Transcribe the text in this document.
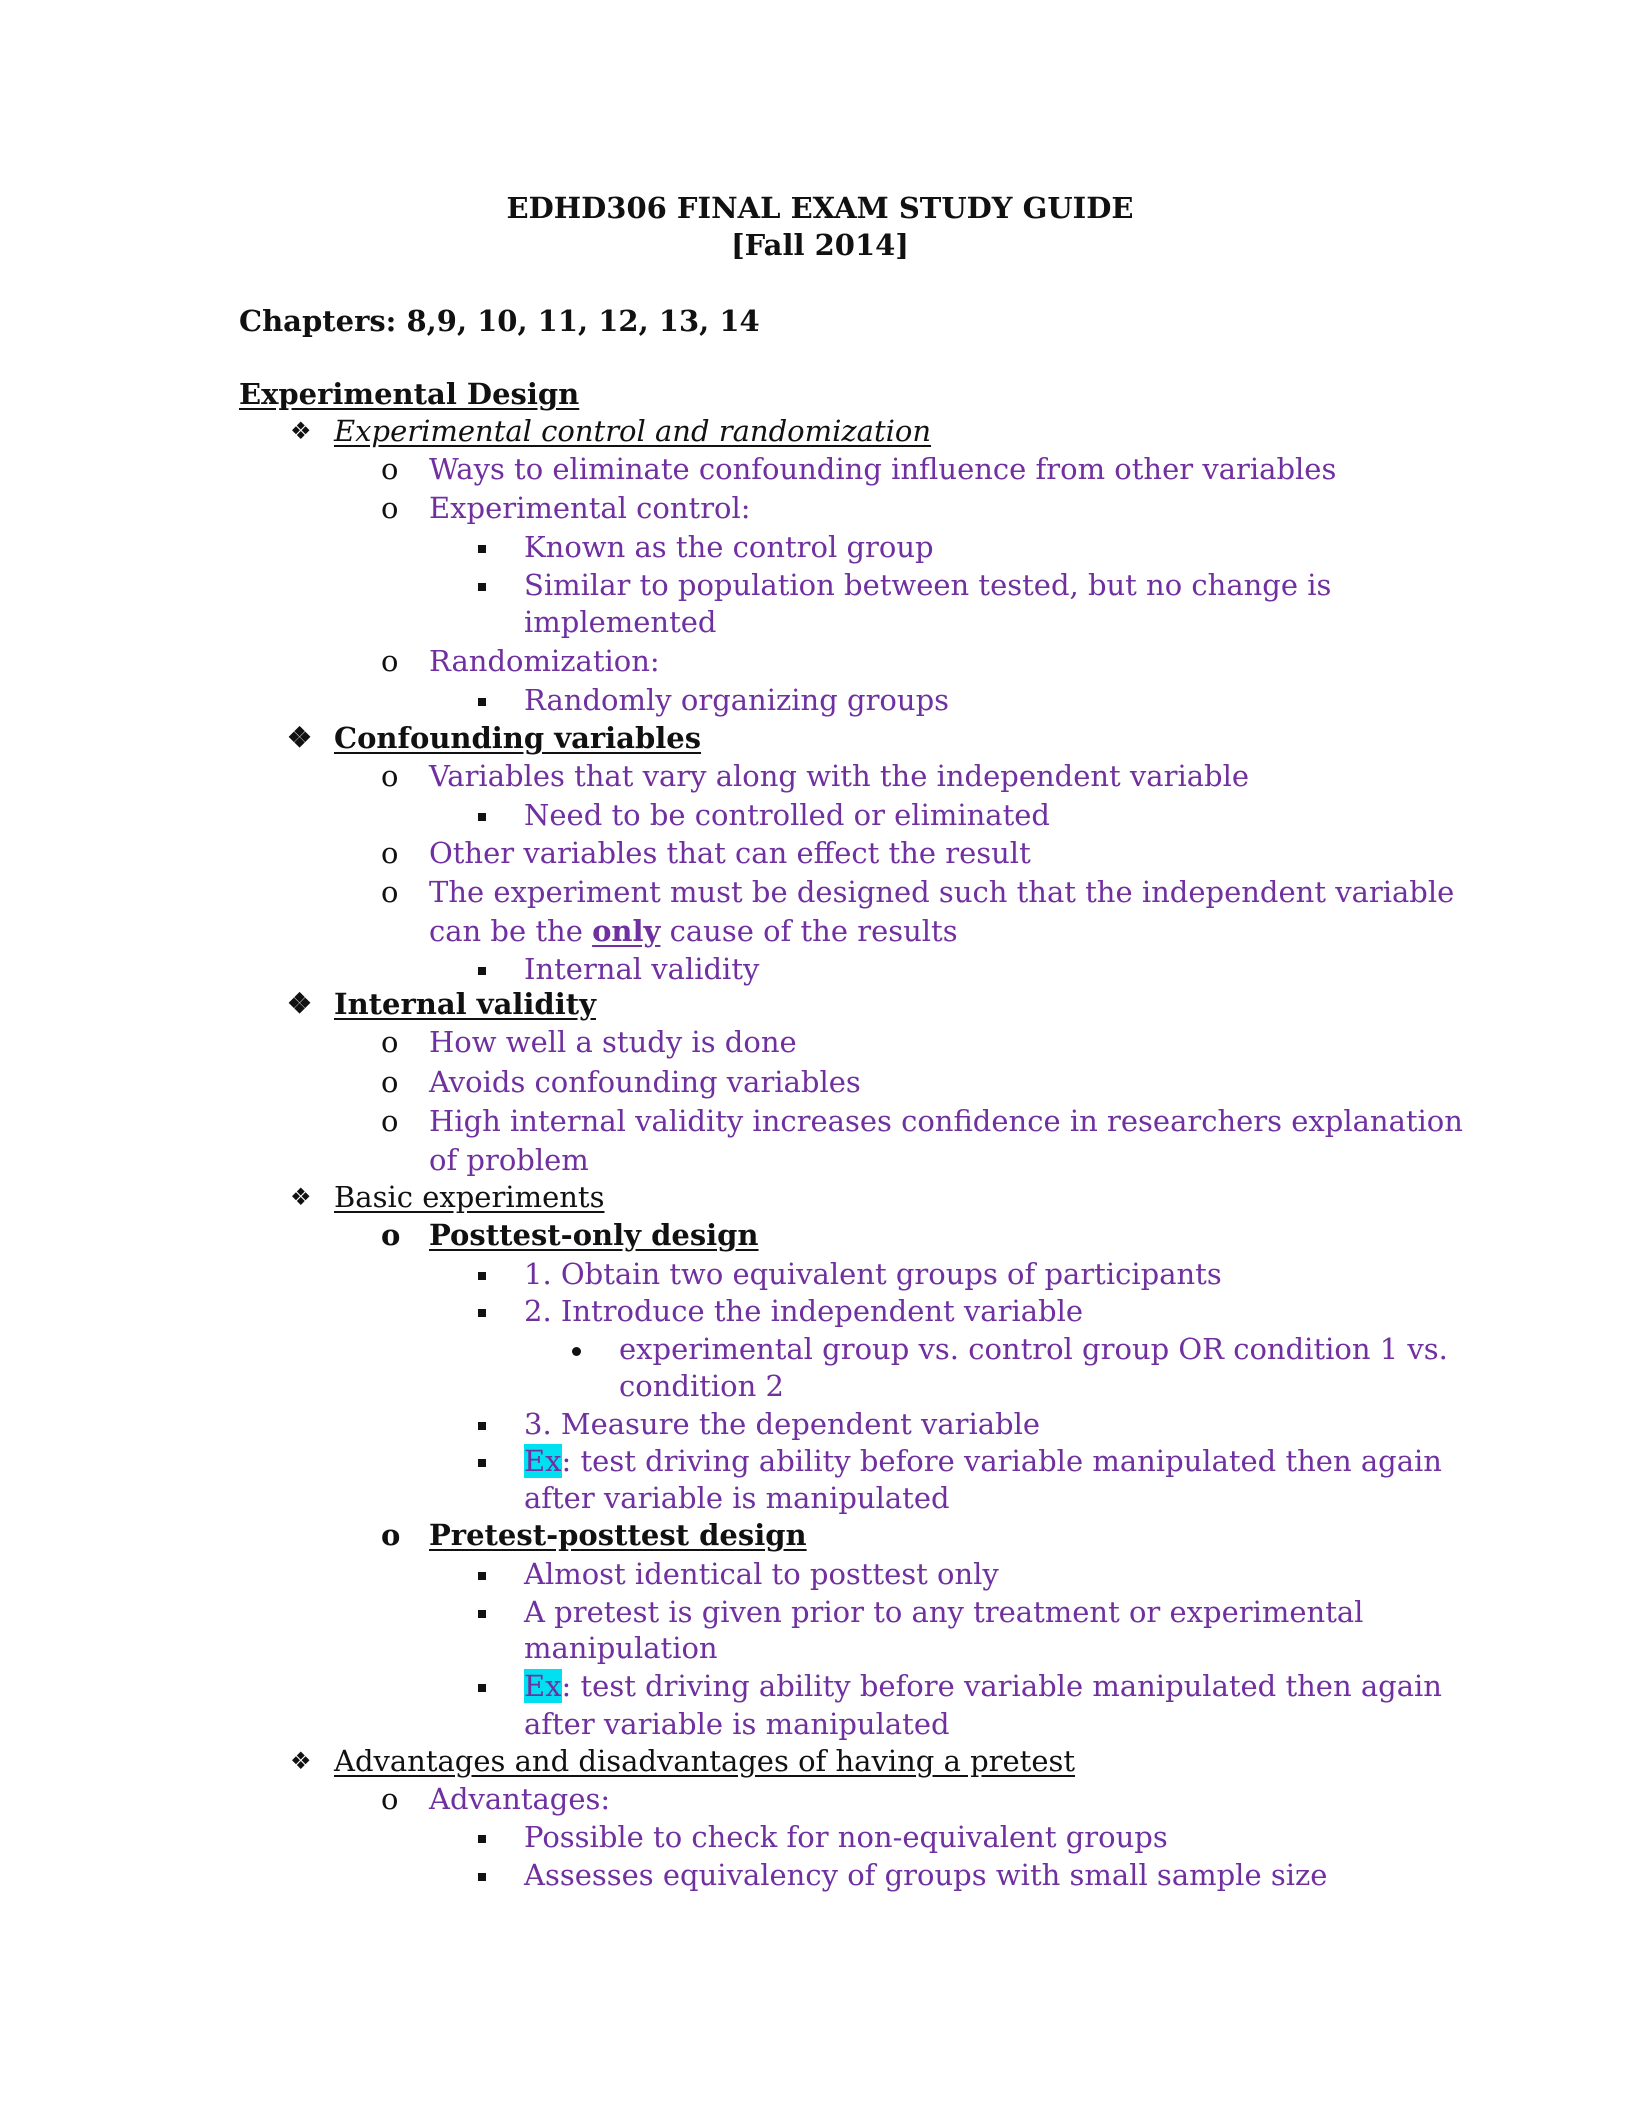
EDHD306 FINAL EXAM STUDY GUIDE
[Fall 2014]
Chapters: 8,9, 10, 11, 12, 13, 14
Experimental Design
❖ Experimental control and randomization
o Ways to eliminate confounding influence from other variables
o Experimental control:
Known as the control group
Similar to population between tested, but no change is
implemented
o Randomization:
Randomly organizing groups
❖ Confounding variables
o Variables that vary along with the independent variable
Need to be controlled or eliminated
o Other variables that can effect the result
o The experiment must be designed such that the independent variable
can be the only cause of the results
Internal validity
❖ Internal validity
o How well a study is done
o Avoids confounding variables
o High internal validity increases confidence in researchers explanation
of problem
❖ Basic experiments
o Posttest-only design
1. Obtain two equivalent groups of participants
2. Introduce the independent variable
experimental group vs. control group OR condition 1 vs.
condition 2
3. Measure the dependent variable
Ex: test driving ability before variable manipulated then again
after variable is manipulated
o Pretest-posttest design
Almost identical to posttest only
A pretest is given prior to any treatment or experimental
manipulation
Ex: test driving ability before variable manipulated then again
after variable is manipulated
❖ Advantages and disadvantages of having a pretest
o Advantages:
Possible to check for non-equivalent groups
Assesses equivalency of groups with small sample size
